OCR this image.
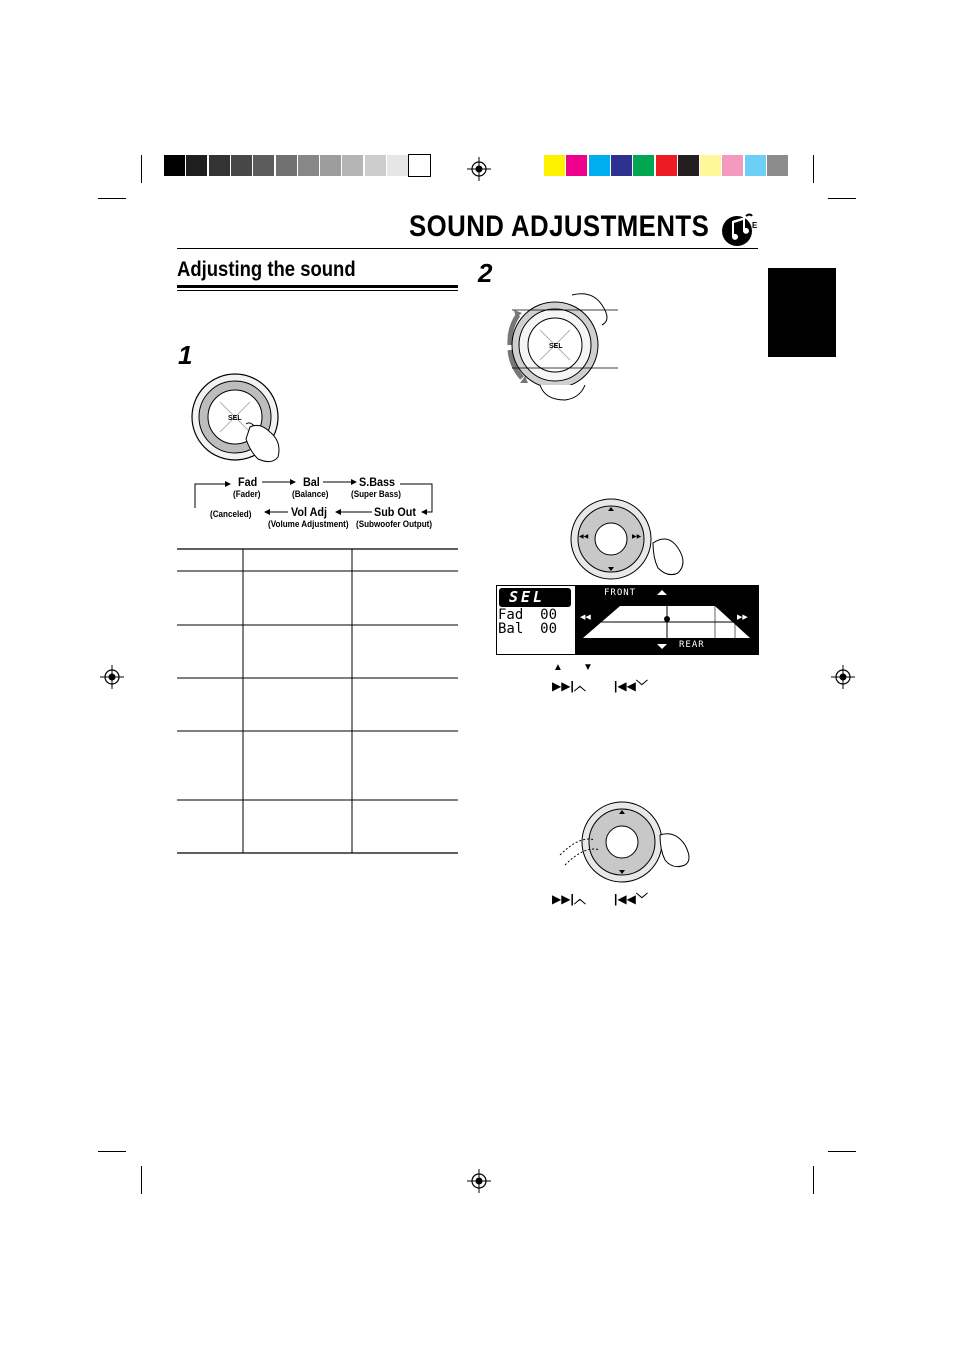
SOUND ADJUSTMENTS	E
Adjusting the sound
1
SEL
Fad
(Fader)
Bal
(Balance)
S.Bass
(Super Bass)
Vol Adj
(Volume Adjustment)
Sub Out
(Subwoofer Output)
(Canceled)
2
SEL
◀◀	▶▶
SEL
Fad  00
Bal  00
◀◀	▶▶
FRONT
REAR
▲ ▼
▶▶|︿ |◀◀﹀
▶▶|︿ |◀◀﹀
